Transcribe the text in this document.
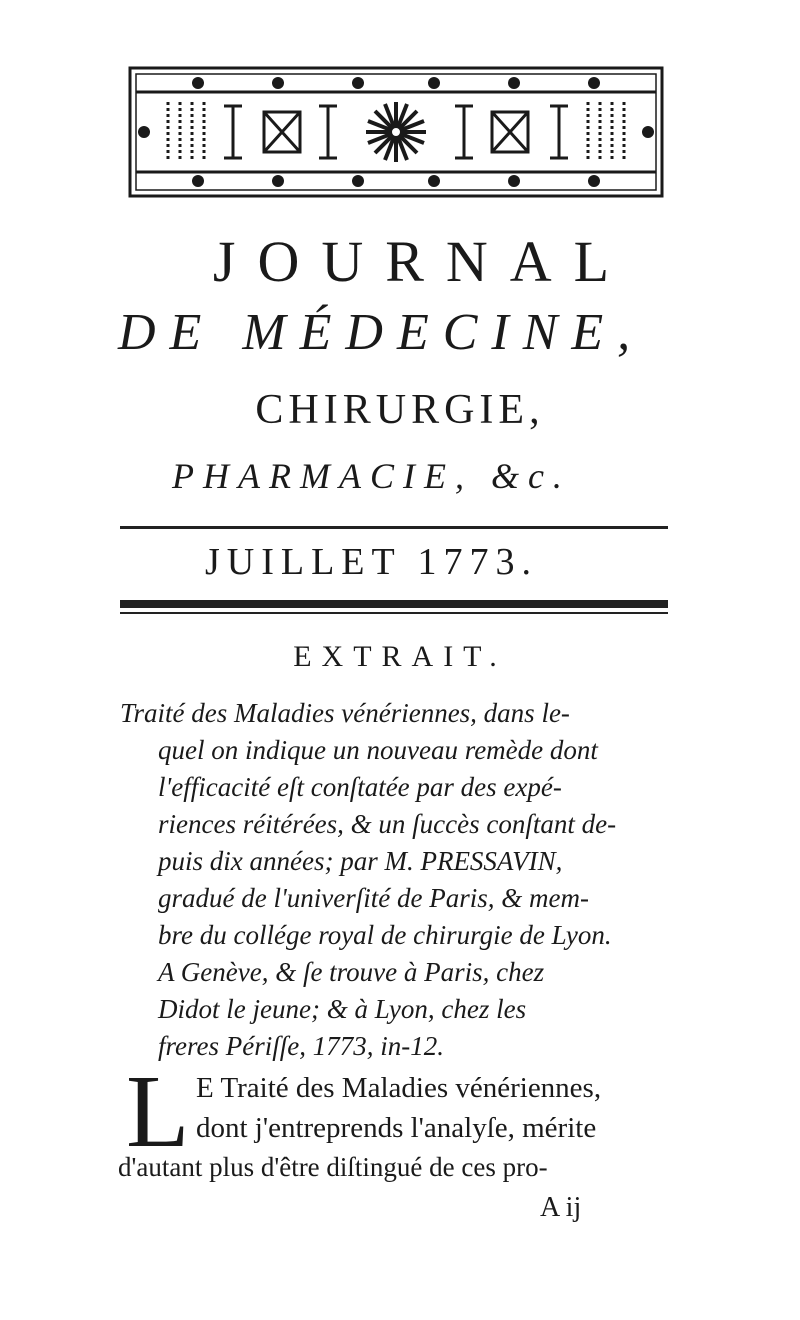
JOURNAL
DE MÉDECINE,
CHIRURGIE,
PHARMACIE, &c.
JUILLET 1773.
EXTRAIT.
Traité des Maladies vénériennes, dans le-
quel on indique un nouveau remède dont
l'efficacité eſt conſtatée par des expé-
riences réitérées, & un ſuccès conſtant de-
puis dix années; par M. PRESSAVIN,
gradué de l'univerſité de Paris, & mem-
bre du collége royal de chirurgie de Lyon.
A Genève, & ſe trouve à Paris, chez
Didot le jeune; & à Lyon, chez les
freres Périſſe, 1773, in-12.
L E Traité des Maladies vénériennes,
dont j'entreprends l'analyſe, mérite
d'autant plus d'être diſtingué de ces pro-
A ij
